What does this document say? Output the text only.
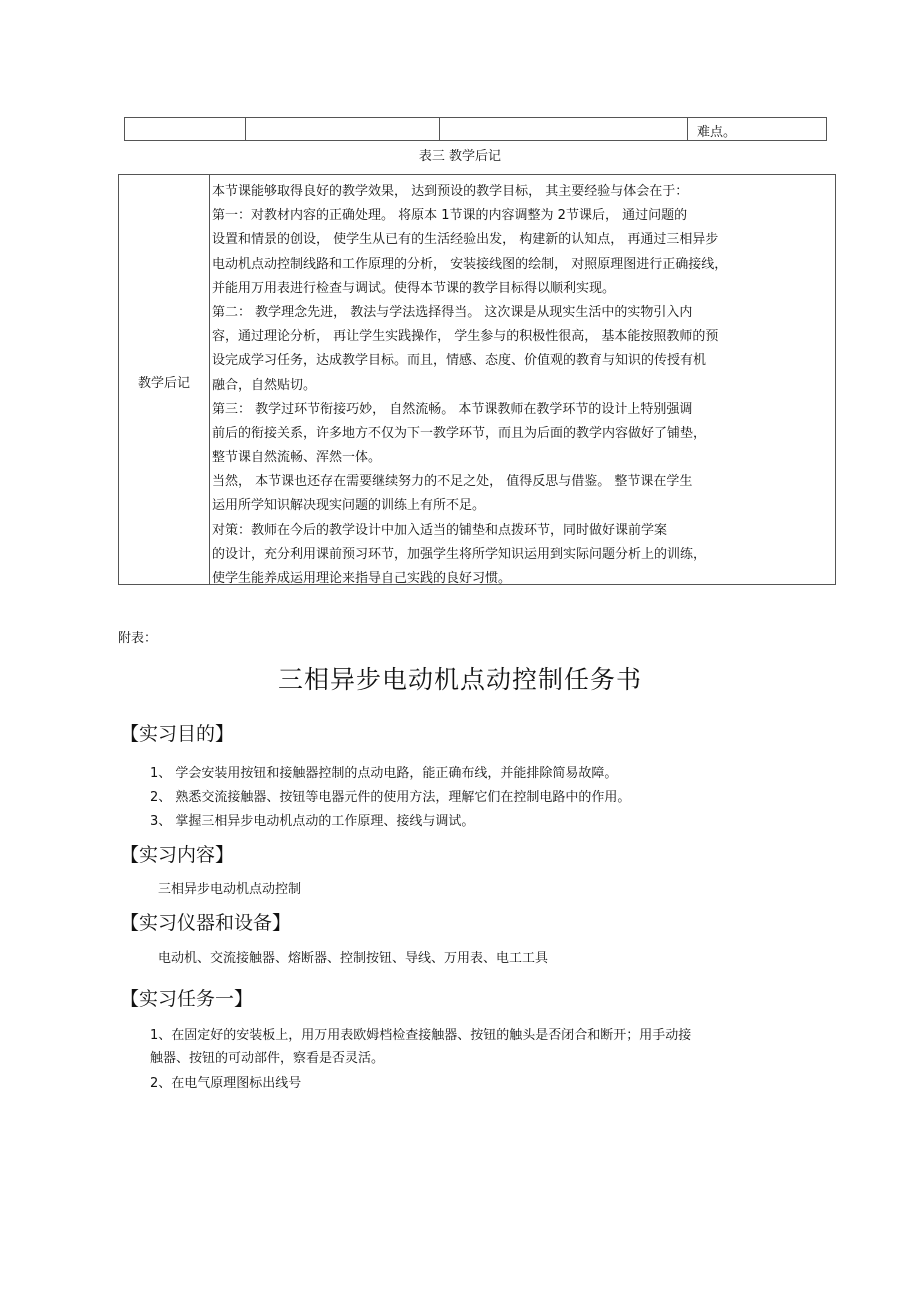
难点。
表三 教学后记
教学后记
本节课能够取得良好的教学效果， 达到预设的教学目标， 其主要经验与体会在于：
第一：对教材内容的正确处理。 将原本 1节课的内容调整为 2节课后， 通过问题的
设置和情景的创设， 使学生从已有的生活经验出发， 构建新的认知点， 再通过三相异步
电动机点动控制线路和工作原理的分析， 安装接线图的绘制， 对照原理图进行正确接线，
并能用万用表进行检查与调试。使得本节课的教学目标得以顺利实现。
第二： 教学理念先进， 教法与学法选择得当。 这次课是从现实生活中的实物引入内
容，通过理论分析， 再让学生实践操作， 学生参与的积极性很高， 基本能按照教师的预
设完成学习任务，达成教学目标。而且，情感、态度、价值观的教育与知识的传授有机
融合，自然贴切。
第三： 教学过环节衔接巧妙， 自然流畅。 本节课教师在教学环节的设计上特别强调
前后的衔接关系，许多地方不仅为下一教学环节，而且为后面的教学内容做好了铺垫，
整节课自然流畅、浑然一体。
当然， 本节课也还存在需要继续努力的不足之处， 值得反思与借鉴。 整节课在学生
运用所学知识解决现实问题的训练上有所不足。
对策：教师在今后的教学设计中加入适当的铺垫和点拨环节，同时做好课前学案
的设计，充分利用课前预习环节，加强学生将所学知识运用到实际问题分析上的训练，
使学生能养成运用理论来指导自己实践的良好习惯。
附表：
三相异步电动机点动控制任务书
【实习目的】
1、 学会安装用按钮和接触器控制的点动电路，能正确布线，并能排除简易故障。
2、 熟悉交流接触器、按钮等电器元件的使用方法，理解它们在控制电路中的作用。
3、 掌握三相异步电动机点动的工作原理、接线与调试。
【实习内容】
三相异步电动机点动控制
【实习仪器和设备】
电动机、交流接触器、熔断器、控制按钮、导线、万用表、电工工具
【实习任务一】
1、在固定好的安装板上，用万用表欧姆档检查接触器、按钮的触头是否闭合和断开；用手动接
触器、按钮的可动部件，察看是否灵活。
2、在电气原理图标出线号
